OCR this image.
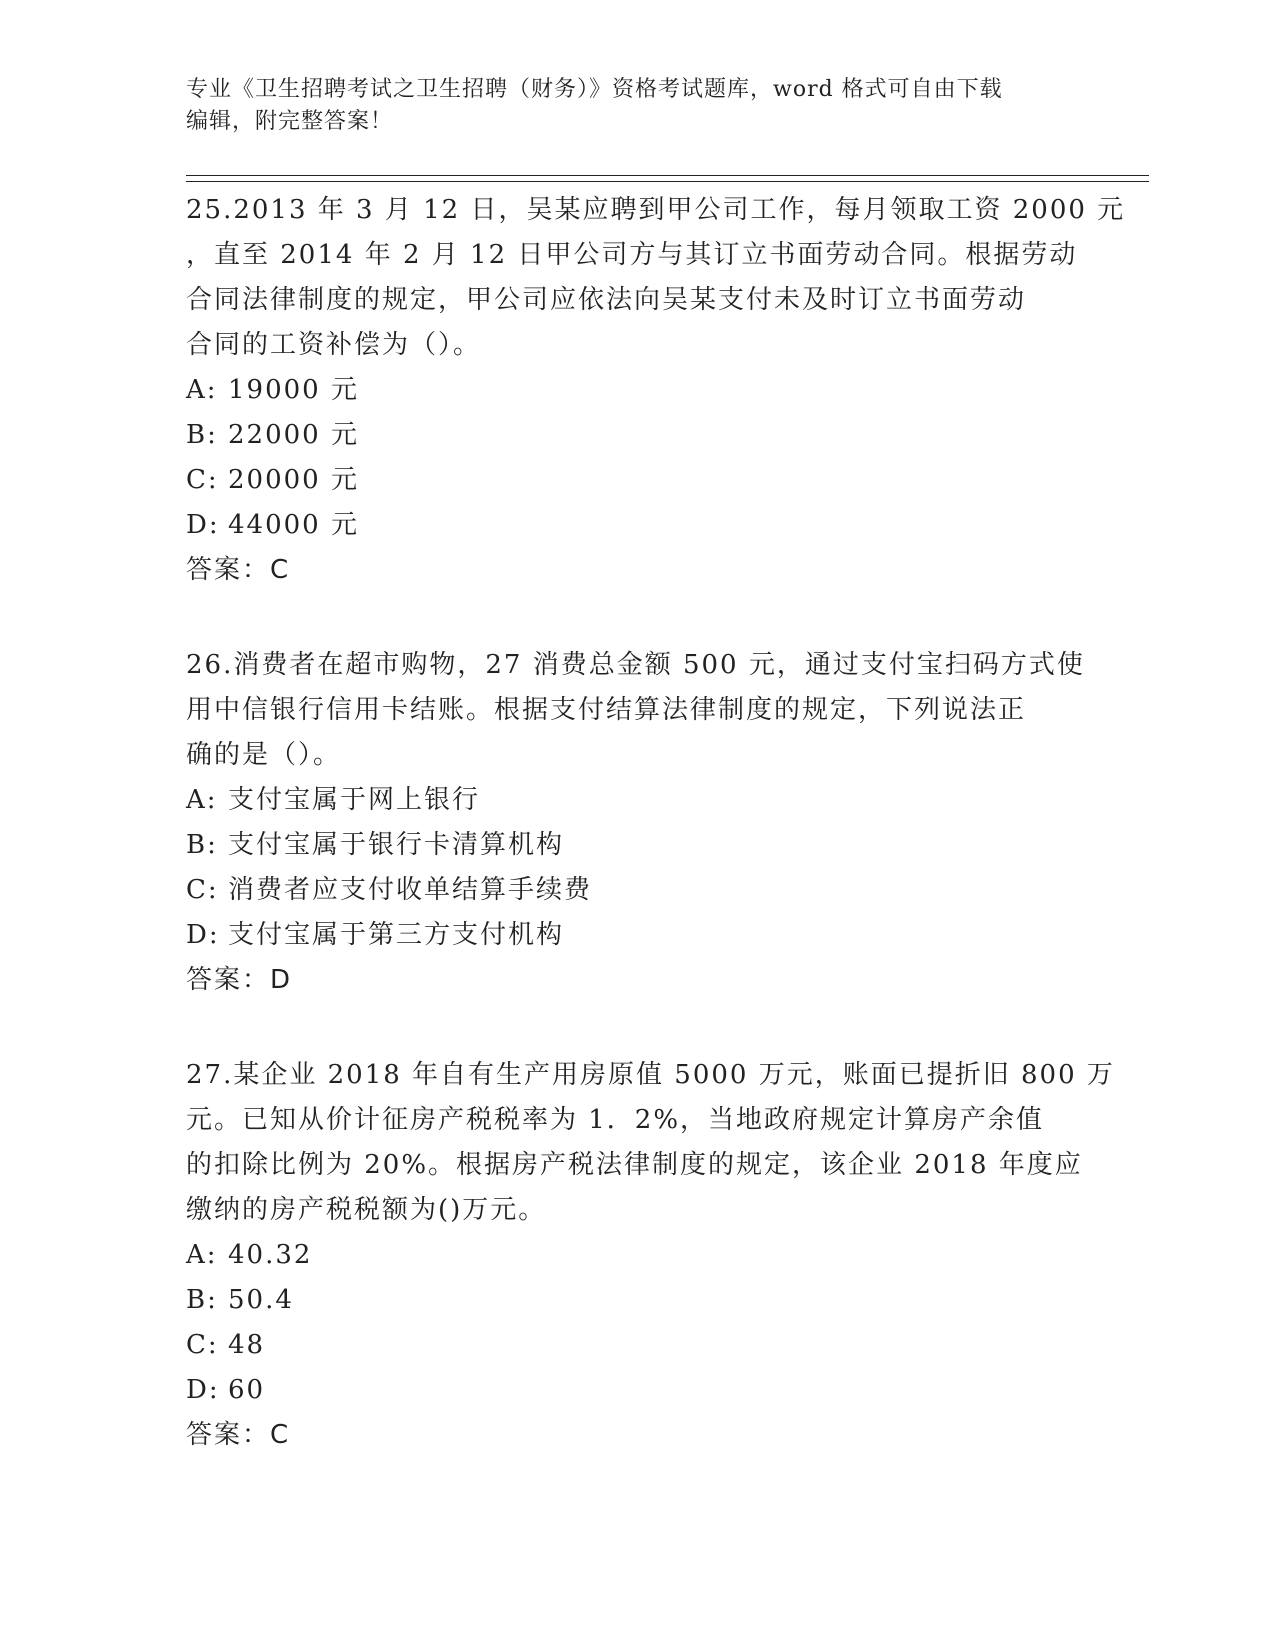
专业《卫生招聘考试之卫生招聘（财务）》资格考试题库，word 格式可自由下载
编辑，附完整答案！
25.2013 年 3 月 12 日，吴某应聘到甲公司工作，每月领取工资 2000 元
，直至 2014 年 2 月 12 日甲公司方与其订立书面劳动合同。根据劳动
合同法律制度的规定，甲公司应依法向吴某支付未及时订立书面劳动
合同的工资补偿为（）。
A: 19000 元
B: 22000 元
C: 20000 元
D: 44000 元
答案：C
26.消费者在超市购物，27 消费总金额 500 元，通过支付宝扫码方式使
用中信银行信用卡结账。根据支付结算法律制度的规定，下列说法正
确的是（）。
A: 支付宝属于网上银行
B: 支付宝属于银行卡清算机构
C: 消费者应支付收单结算手续费
D: 支付宝属于第三方支付机构
答案：D
27.某企业 2018 年自有生产用房原值 5000 万元，账面已提折旧 800 万
元。已知从价计征房产税税率为 1．2%，当地政府规定计算房产余值
的扣除比例为 20%。根据房产税法律制度的规定，该企业 2018 年度应
缴纳的房产税税额为()万元。
A: 40.32
B: 50.4
C: 48
D: 60
答案：C
